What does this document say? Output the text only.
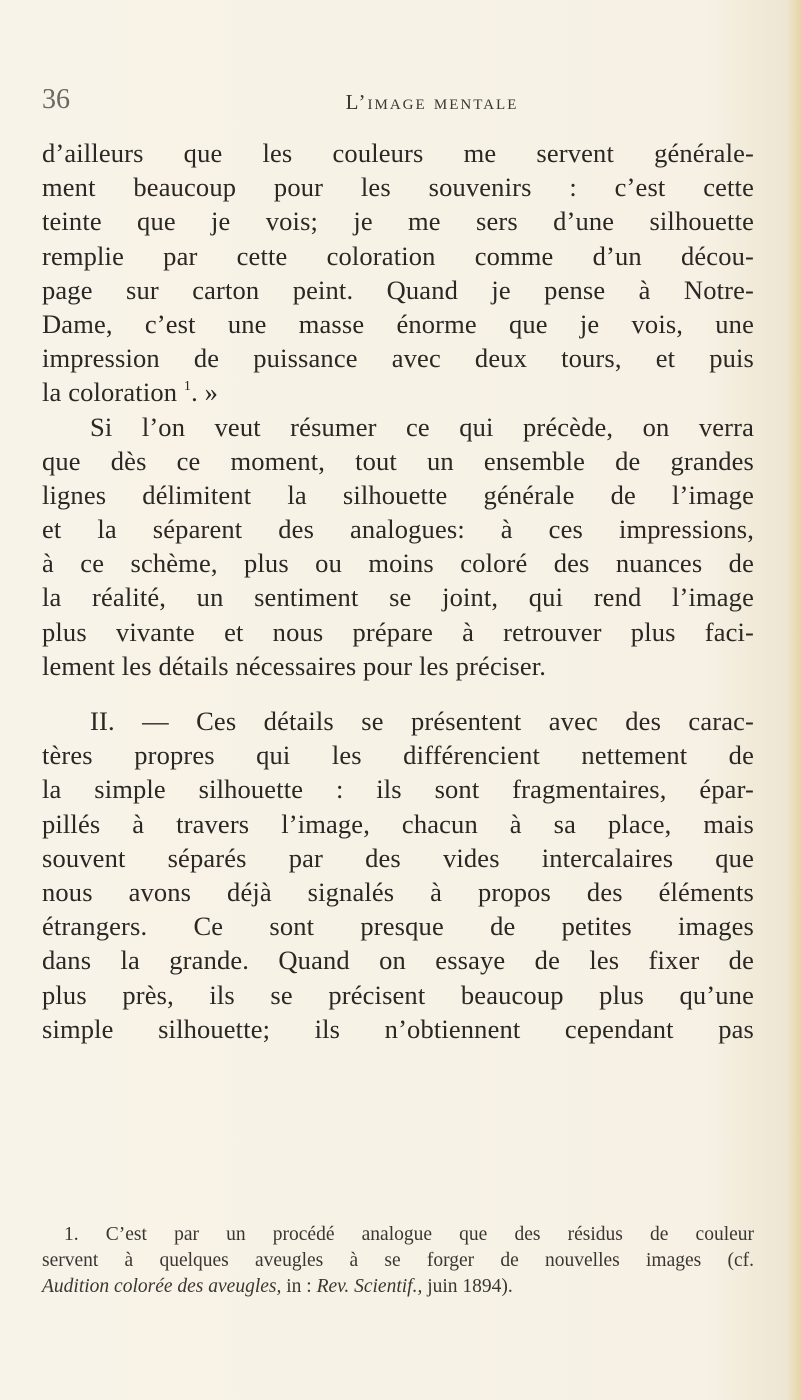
36	L’image mentale
d’ailleurs que les couleurs me servent générale-
ment beaucoup pour les souvenirs : c’est cette
teinte que je vois; je me sers d’une silhouette
remplie par cette coloration comme d’un décou-
page sur carton peint. Quand je pense à Notre-
Dame, c’est une masse énorme que je vois, une
impression de puissance avec deux tours, et puis
la coloration $^1$. »
Si l’on veut résumer ce qui précède, on verra
que dès ce moment, tout un ensemble de grandes
lignes délimitent la silhouette générale de l’image
et la séparent des analogues: à ces impressions,
à ce schème, plus ou moins coloré des nuances de
la réalité, un sentiment se joint, qui rend l’image
plus vivante et nous prépare à retrouver plus faci-
lement les détails nécessaires pour les préciser.
II. — Ces détails se présentent avec des carac-
tères propres qui les différencient nettement de
la simple silhouette : ils sont fragmentaires, épar-
pillés à travers l’image, chacun à sa place, mais
souvent séparés par des vides intercalaires que
nous avons déjà signalés à propos des éléments
étrangers. Ce sont presque de petites images
dans la grande. Quand on essaye de les fixer de
plus près, ils se précisent beaucoup plus qu’une
simple silhouette; ils n’obtiennent cependant pas
1. C’est par un procédé analogue que des résidus de couleur
servent à quelques aveugles à se forger de nouvelles images (cf.
Audition colorée des aveugles, in : Rev. Scientif., juin 1894).
